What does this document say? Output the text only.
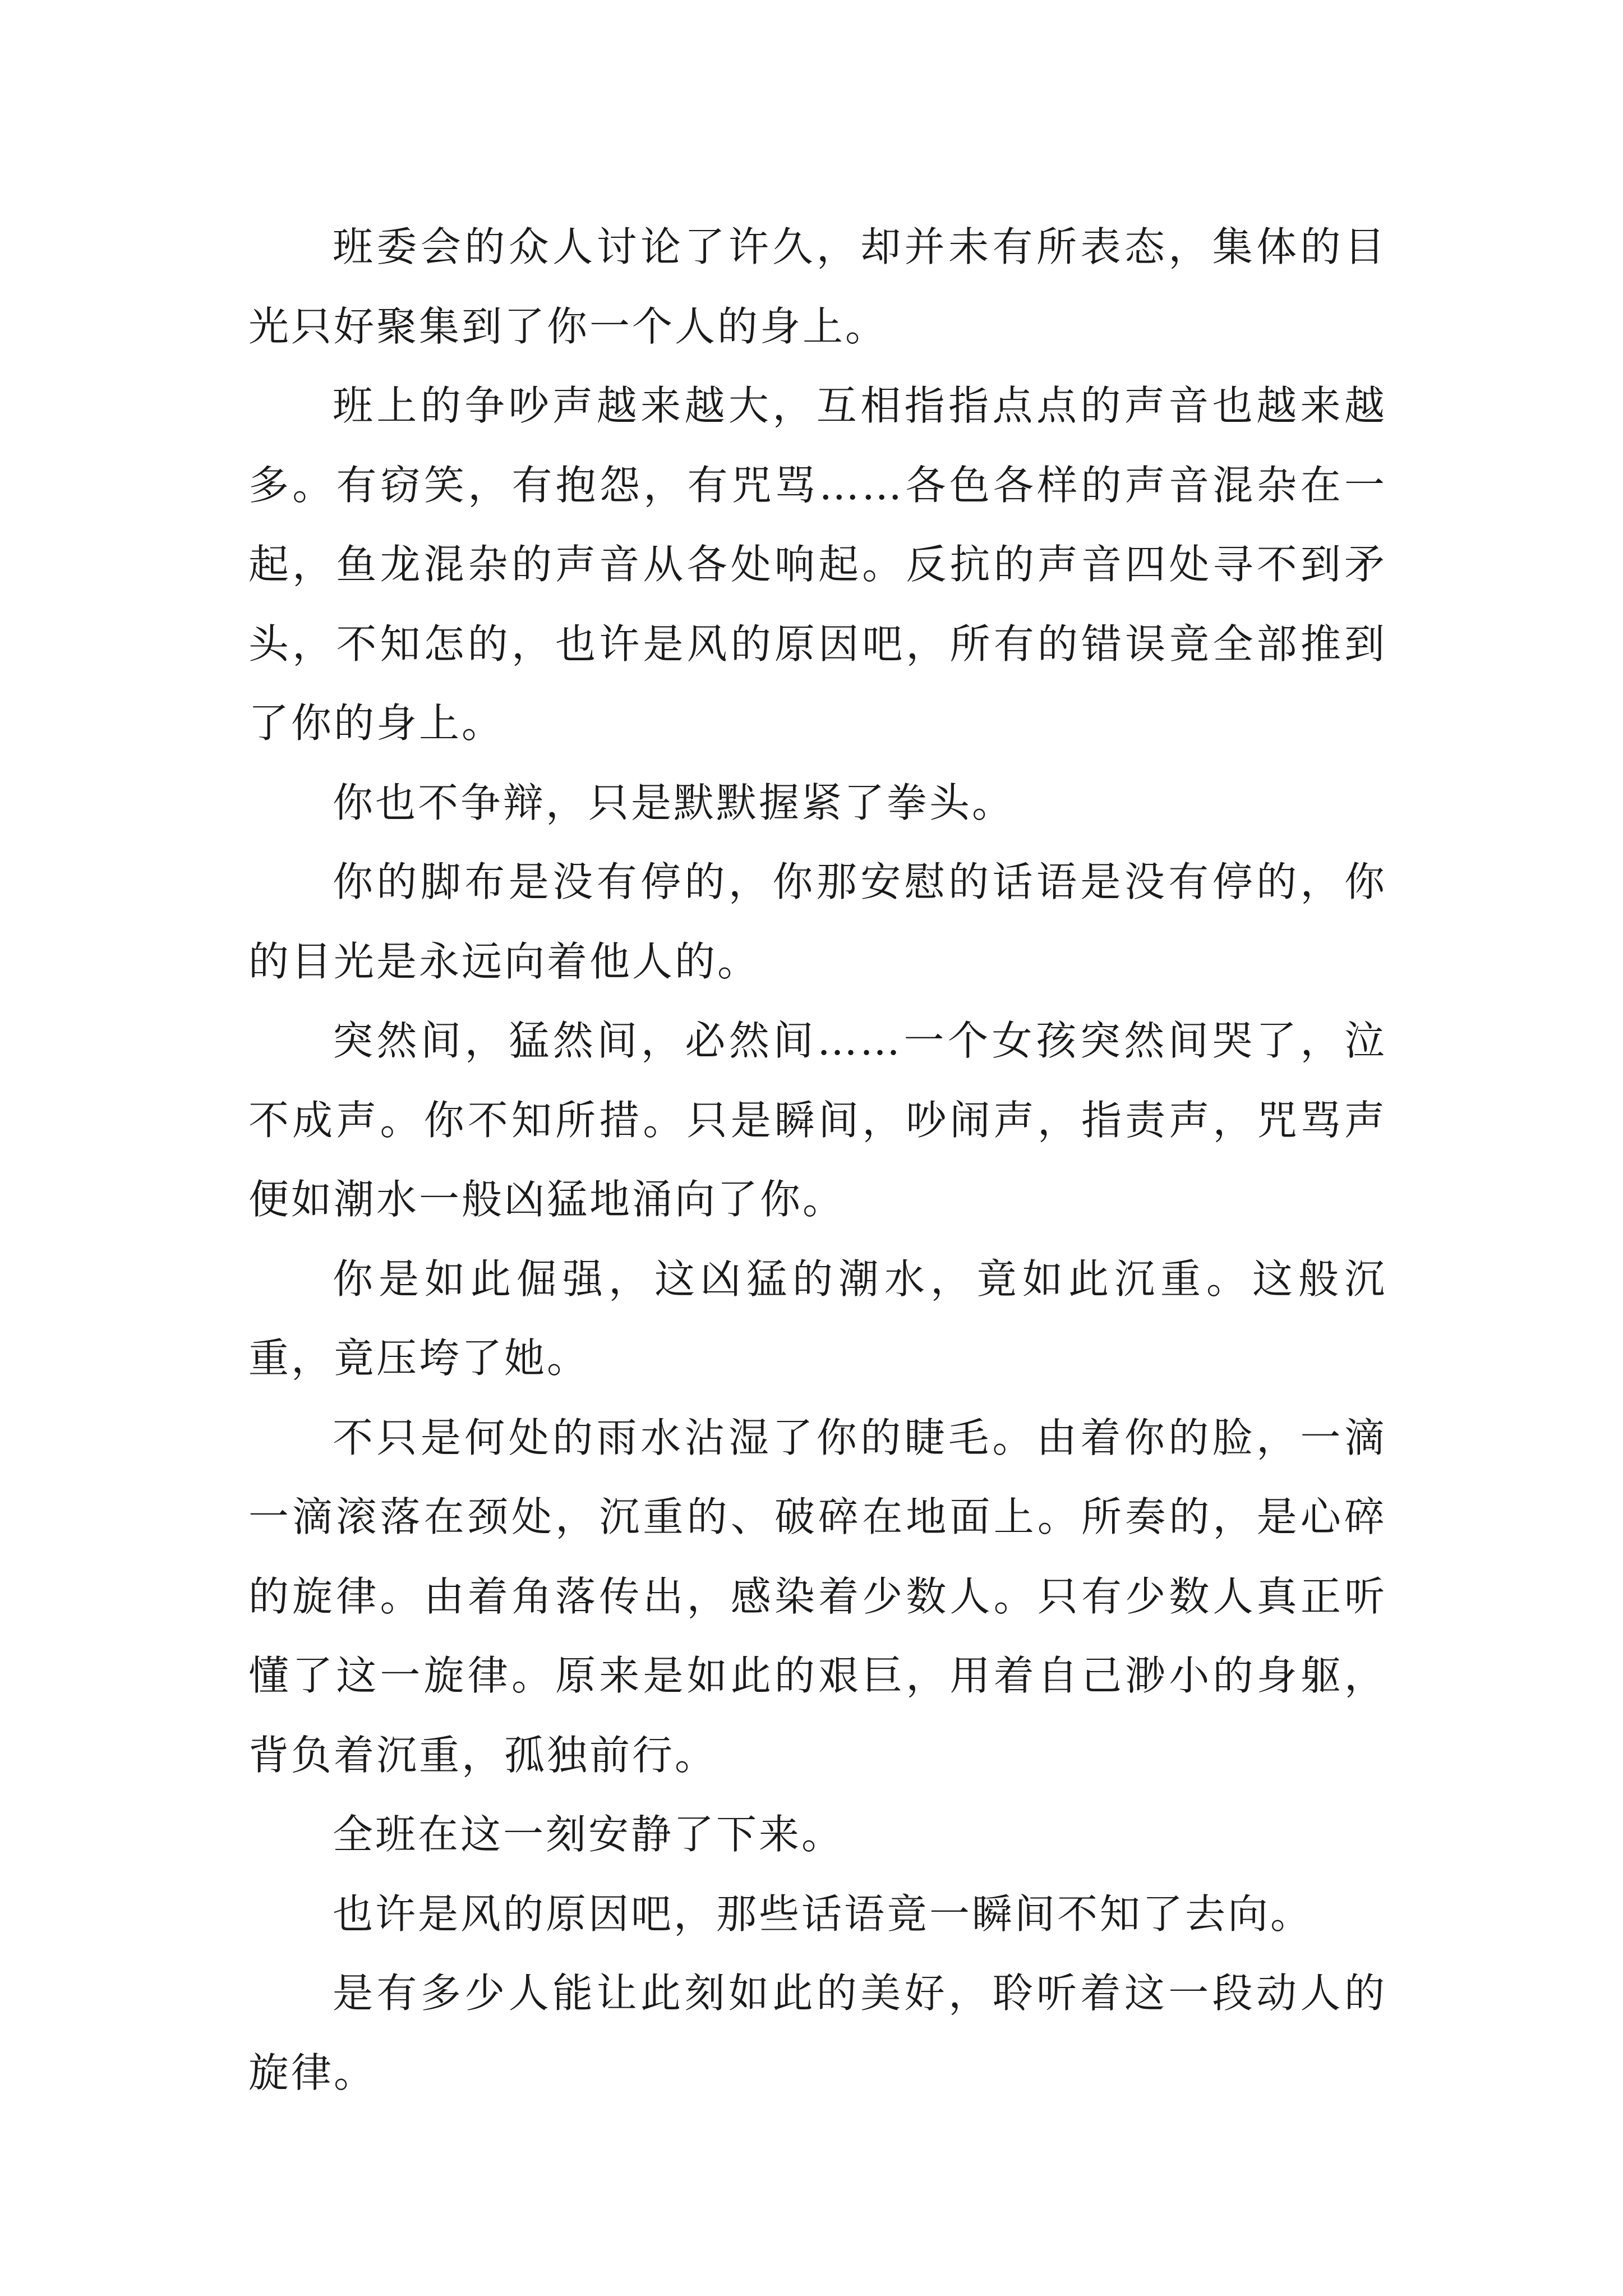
班委会的众人讨论了许久，却并未有所表态，集体的目光只好聚集到了你一个人的身上。

班上的争吵声越来越大，互相指指点点的声音也越来越多。有窃笑，有抱怨，有咒骂……各色各样的声音混杂在一起，鱼龙混杂的声音从各处响起。反抗的声音四处寻不到矛头，不知怎的，也许是风的原因吧，所有的错误竟全部推到了你的身上。

你也不争辩，只是默默握紧了拳头。

你的脚布是没有停的，你那安慰的话语是没有停的，你的目光是永远向着他人的。

突然间，猛然间，必然间……一个女孩突然间哭了，泣不成声。你不知所措。只是瞬间，吵闹声，指责声，咒骂声便如潮水一般凶猛地涌向了你。

你是如此倔强，这凶猛的潮水，竟如此沉重。这般沉重，竟压垮了她。

不只是何处的雨水沾湿了你的睫毛。由着你的脸，一滴一滴滚落在颈处，沉重的、破碎在地面上。所奏的，是心碎的旋律。由着角落传出，感染着少数人。只有少数人真正听懂了这一旋律。原来是如此的艰巨，用着自己渺小的身躯，背负着沉重，孤独前行。

全班在这一刻安静了下来。

也许是风的原因吧，那些话语竟一瞬间不知了去向。

是有多少人能让此刻如此的美好，聆听着这一段动人的旋律。
